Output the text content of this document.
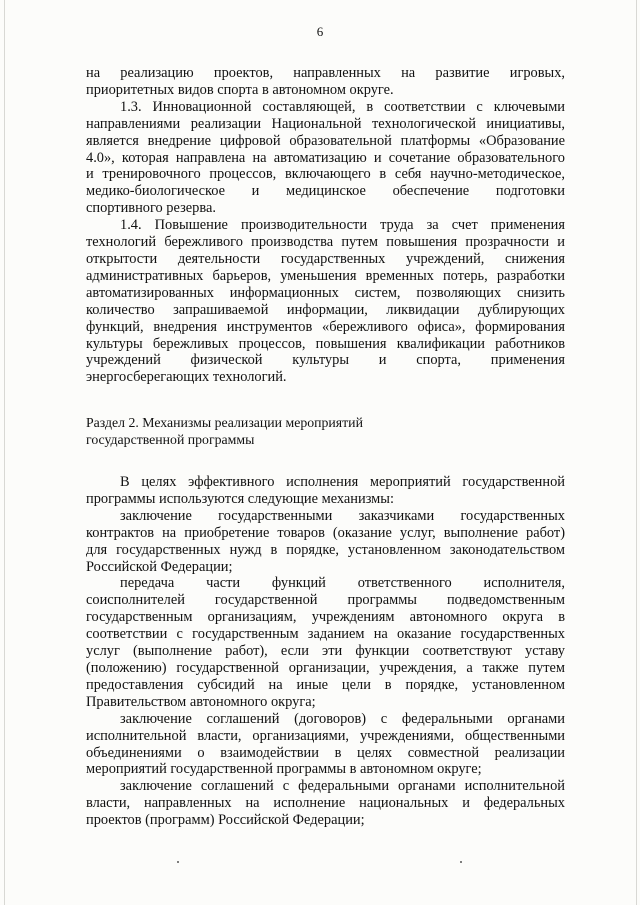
6

на реализацию проектов, направленных на развитие игровых,

приоритетных видов спорта в автономном округе.

1.3. Инновационной составляющей, в соответствии с ключевыми

направлениями реализации Национальной технологической инициативы,

является внедрение цифровой образовательной платформы «Образование

4.0», которая направлена на автоматизацию и сочетание образовательного

и тренировочного процессов, включающего в себя научно-методическое,

медико-биологическое и медицинское обеспечение подготовки

спортивного резерва.

1.4. Повышение производительности труда за счет применения

технологий бережливого производства путем повышения прозрачности и

открытости деятельности государственных учреждений, снижения

административных барьеров, уменьшения временных потерь, разработки

автоматизированных информационных систем, позволяющих снизить

количество запрашиваемой информации, ликвидации дублирующих

функций, внедрения инструментов «бережливого офиса», формирования

культуры бережливых процессов, повышения квалификации работников

учреждений физической культуры и спорта, применения

энергосберегающих технологий.

Раздел 2. Механизмы реализации мероприятий

государственной программы

В целях эффективного исполнения мероприятий государственной

программы используются следующие механизмы:

заключение государственными заказчиками государственных

контрактов на приобретение товаров (оказание услуг, выполнение работ)

для государственных нужд в порядке, установленном законодательством

Российской Федерации;

передача части функций ответственного исполнителя,

соисполнителей государственной программы подведомственным

государственным организациям, учреждениям автономного округа в

соответствии с государственным заданием на оказание государственных

услуг (выполнение работ), если эти функции соответствуют уставу

(положению) государственной организации, учреждения, а также путем

предоставления субсидий на иные цели в порядке, установленном

Правительством автономного округа;

заключение соглашений (договоров) с федеральными органами

исполнительной власти, организациями, учреждениями, общественными

объединениями о взаимодействии в целях совместной реализации

мероприятий государственной программы в автономном округе;

заключение соглашений с федеральными органами исполнительной

власти, направленных на исполнение национальных и федеральных

проектов (программ) Российской Федерации;
